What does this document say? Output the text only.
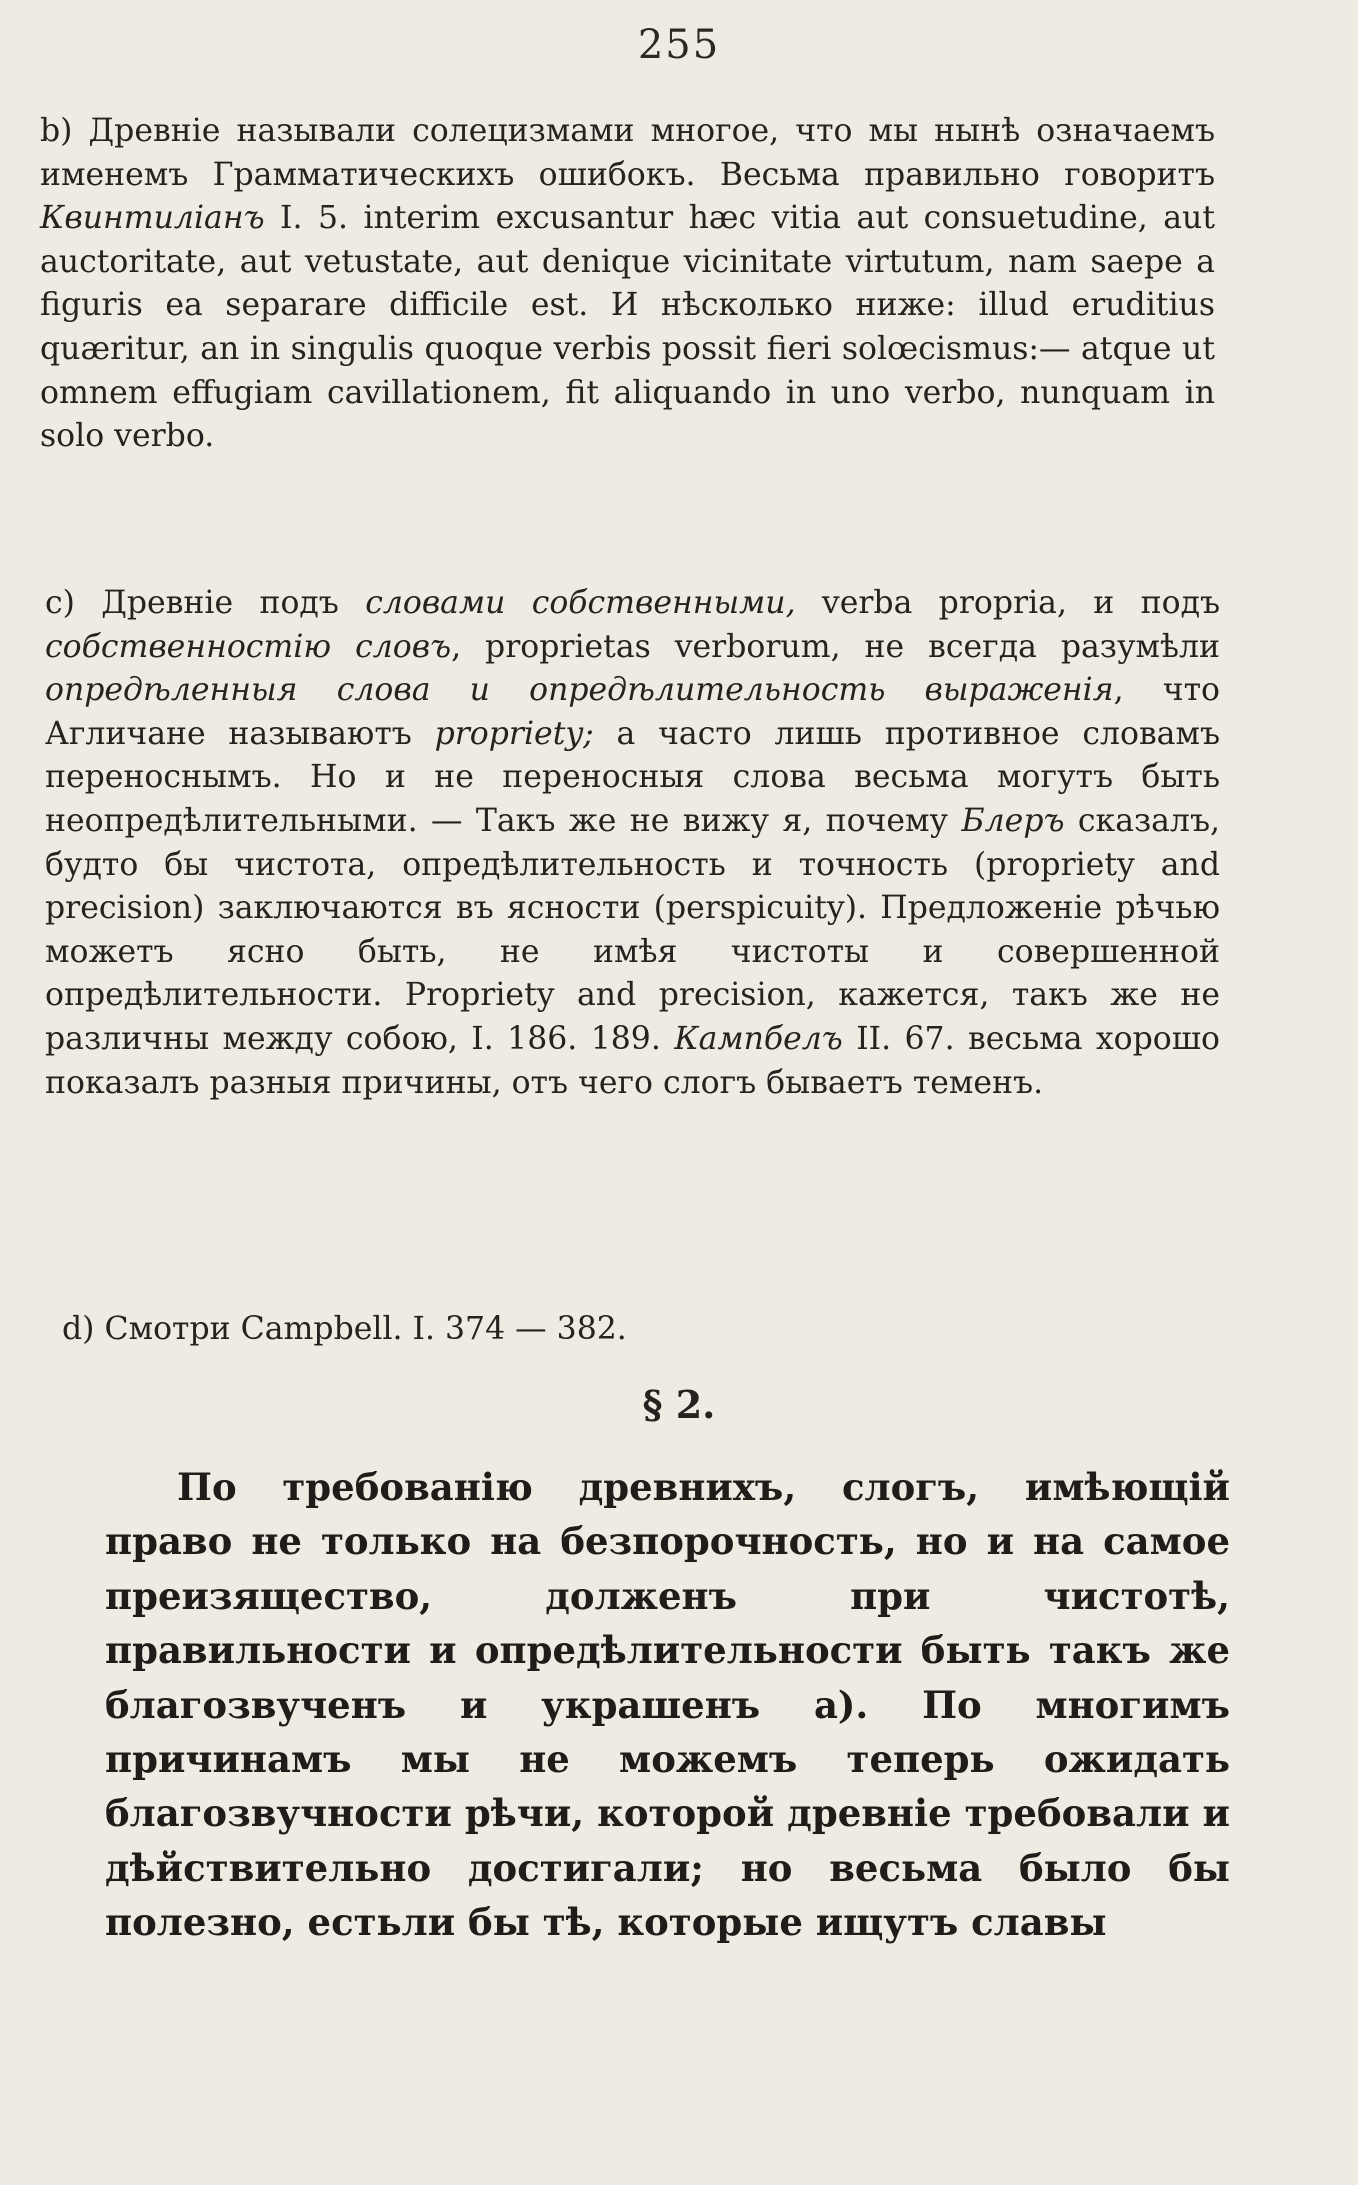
255
b) Древніе называли солецизмами многое, что мы нынѣ означаемъ именемъ Грамматическихъ ошибокъ. Весьма правильно говоритъ Квинтиліанъ I. 5. interim excusantur hæc vitia aut consuetudine, aut auctoritate, aut vetustate, aut denique vicinitate virtutum, nam saepe a figuris ea separare difficile est. И нѣсколько ниже: illud eruditius quæritur, an in singulis quoque verbis possit fieri solœcismus:— atque ut omnem effugiam cavillationem, fit aliquando in uno verbo, nunquam in solo verbo.
c) Древніе подъ словами собственными, verba propria, и подъ собственностію словъ, proprietas verborum, не всегда разумѣли опредѣленныя слова и опредѣлительность выраженія, что Агличане называютъ propriety; а часто лишь противное словамъ переноснымъ. Но и не переносныя слова весьма могутъ быть неопредѣлительными. — Такъ же не вижу я, почему Блеръ сказалъ, будто бы чистота, опредѣлительность и точность (propriety and precision) заключаются въ ясности (perspicuity). Предложеніе рѣчью можетъ ясно быть, не имѣя чистоты и совершенной опредѣлительности. Propriety and precision, кажется, такъ же не различны между собою, I. 186. 189. Кампбелъ II. 67. весьма хорошо показалъ разныя причины, отъ чего слогъ бываетъ теменъ.
d) Смотри Campbell. I. 374 — 382.
§ 2.
По требованію древнихъ, слогъ, имѣющій право не только на безпорочность, но и на самое преизящество, долженъ при чистотѣ, правильности и опредѣлительности быть такъ же благозвученъ и украшенъ а). По многимъ причинамъ мы не можемъ теперь ожидать благозвучности рѣчи, которой древніе требовали и дѣйствительно достигали; но весьма было бы полезно, естьли бы тѣ, которые ищутъ славы
